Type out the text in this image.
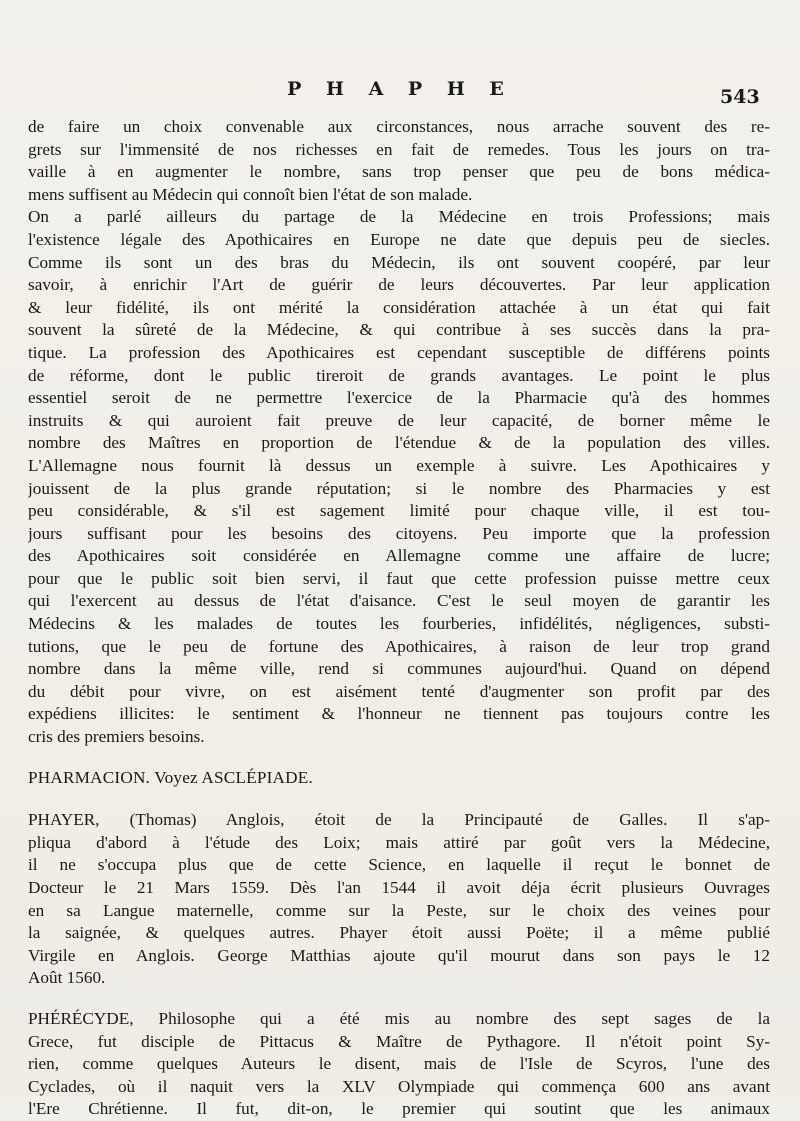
P H A P H E	543
de faire un choix convenable aux circonstances, nous arrache souvent des re-
grets sur l'immensité de nos richesses en fait de remedes. Tous les jours on tra-
vaille à en augmenter le nombre, sans trop penser que peu de bons médica-
mens suffisent au Médecin qui connoît bien l'état de son malade.
On a parlé ailleurs du partage de la Médecine en trois Professions; mais
l'existence légale des Apothicaires en Europe ne date que depuis peu de siecles.
Comme ils sont un des bras du Médecin, ils ont souvent coopéré, par leur
savoir, à enrichir l'Art de guérir de leurs découvertes. Par leur application
& leur fidélité, ils ont mérité la considération attachée à un état qui fait
souvent la sûreté de la Médecine, & qui contribue à ses succès dans la pra-
tique. La profession des Apothicaires est cependant susceptible de différens points
de réforme, dont le public tireroit de grands avantages. Le point le plus
essentiel seroit de ne permettre l'exercice de la Pharmacie qu'à des hommes
instruits & qui auroient fait preuve de leur capacité, de borner même le
nombre des Maîtres en proportion de l'étendue & de la population des villes.
L'Allemagne nous fournit là dessus un exemple à suivre. Les Apothicaires y
jouissent de la plus grande réputation; si le nombre des Pharmacies y est
peu considérable, & s'il est sagement limité pour chaque ville, il est tou-
jours suffisant pour les besoins des citoyens. Peu importe que la profession
des Apothicaires soit considérée en Allemagne comme une affaire de lucre;
pour que le public soit bien servi, il faut que cette profession puisse mettre ceux
qui l'exercent au dessus de l'état d'aisance. C'est le seul moyen de garantir les
Médecins & les malades de toutes les fourberies, infidélités, négligences, substi-
tutions, que le peu de fortune des Apothicaires, à raison de leur trop grand
nombre dans la même ville, rend si communes aujourd'hui. Quand on dépend
du débit pour vivre, on est aisément tenté d'augmenter son profit par des
expédiens illicites: le sentiment & l'honneur ne tiennent pas toujours contre les
cris des premiers besoins.
PHARMACION. Voyez ASCLÉPIADE.
PHAYER, (Thomas) Anglois, étoit de la Principauté de Galles. Il s'ap-
pliqua d'abord à l'étude des Loix; mais attiré par goût vers la Médecine,
il ne s'occupa plus que de cette Science, en laquelle il reçut le bonnet de
Docteur le 21 Mars 1559. Dès l'an 1544 il avoit déja écrit plusieurs Ouvrages
en sa Langue maternelle, comme sur la Peste, sur le choix des veines pour
la saignée, & quelques autres. Phayer étoit aussi Poëte; il a même publié
Virgile en Anglois. George Matthias ajoute qu'il mourut dans son pays le 12
Août 1560.
PHÉRÉCYDE, Philosophe qui a été mis au nombre des sept sages de la
Grece, fut disciple de Pittacus & Maître de Pythagore. Il n'étoit point Sy-
rien, comme quelques Auteurs le disent, mais de l'Isle de Scyros, l'une des
Cyclades, où il naquit vers la XLV Olympiade qui commença 600 ans avant
l'Ere Chrétienne. Il fut, dit-on, le premier qui soutint que les animaux
